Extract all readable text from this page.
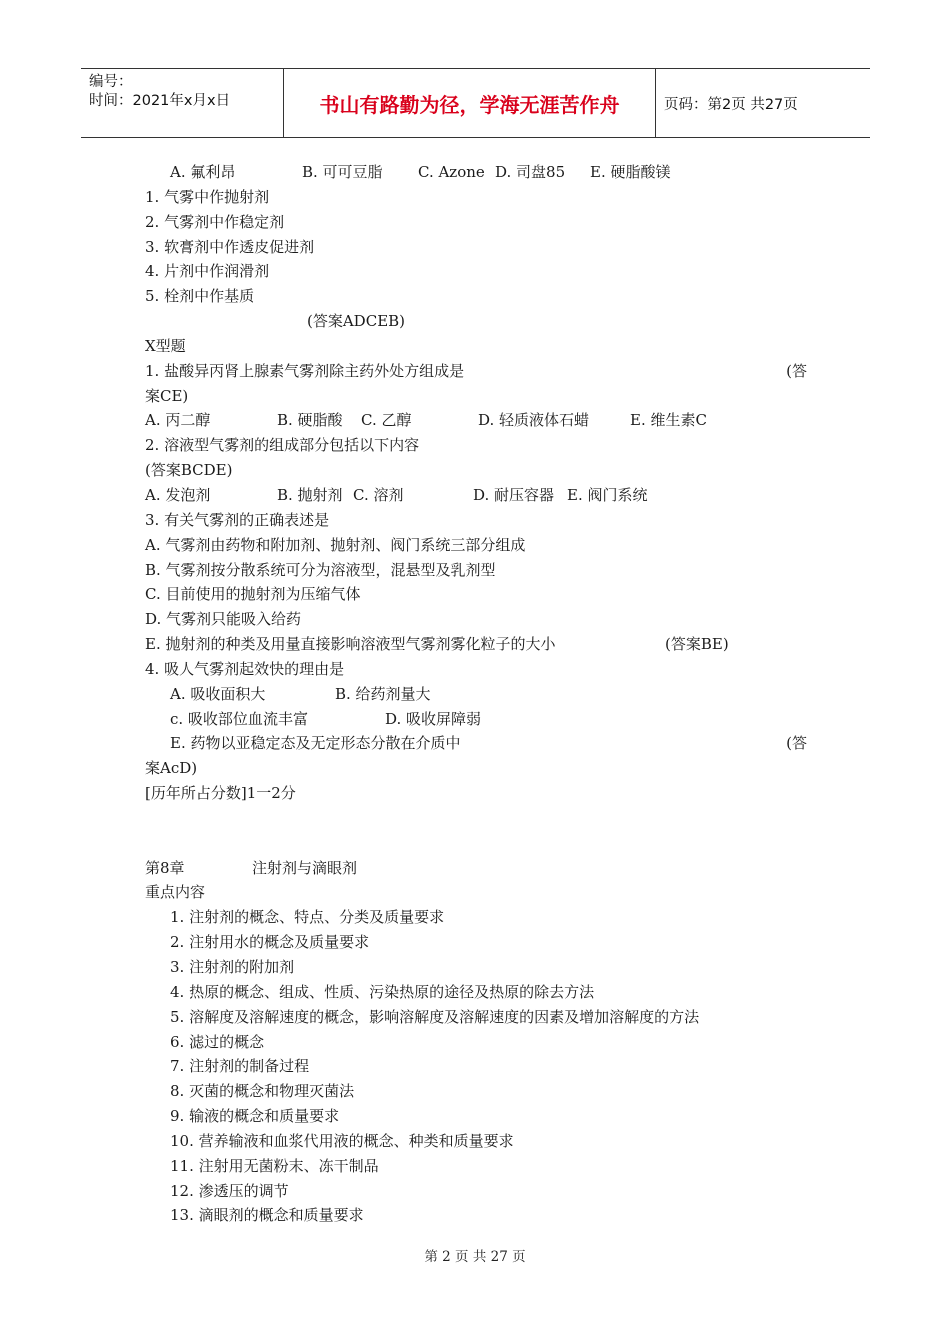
编号：
时间：2021年x月x日	书山有路勤为径，学海无涯苦作舟	页码：第2页 共27页
A. 氟利昂	B. 可可豆脂 C. Azone D. 司盘85 E. 硬脂酸镁
1. 气雾中作抛射剂
2. 气雾剂中作稳定剂
3. 软膏剂中作透皮促进剂
4. 片剂中作润滑剂
5. 栓剂中作基质
(答案ADCEB)
X型题
1. 盐酸异丙肾上腺素气雾剂除主药外处方组成是	(答
案CE)
A. 丙二醇	B. 硬脂酸 C. 乙醇	D. 轻质液体石蜡	E. 维生素C
2. 溶液型气雾剂的组成部分包括以下内容
(答案BCDE)
A. 发泡剂	B. 抛射剂 C. 溶剂	D. 耐压容器 E. 阀门系统
3. 有关气雾剂的正确表述是
A. 气雾剂由药物和附加剂、抛射剂、阀门系统三部分组成
B. 气雾剂按分散系统可分为溶液型，混悬型及乳剂型
C. 目前使用的抛射剂为压缩气体
D. 气雾剂只能吸入给药
E. 抛射剂的种类及用量直接影响溶液型气雾剂雾化粒子的大小	(答案BE)
4. 吸人气雾剂起效快的理由是
A. 吸收面积大	B. 给药剂量大
c. 吸收部位血流丰富	D. 吸收屏障弱
E. 药物以亚稳定态及无定形态分散在介质中	(答
案AcD)
[历年所占分数]1一2分
第8章	注射剂与滴眼剂
重点内容
1. 注射剂的概念、特点、分类及质量要求
2. 注射用水的概念及质量要求
3. 注射剂的附加剂
4. 热原的概念、组成、性质、污染热原的途径及热原的除去方法
5. 溶解度及溶解速度的概念，影响溶解度及溶解速度的因素及增加溶解度的方法
6. 滤过的概念
7. 注射剂的制备过程
8. 灭菌的概念和物理灭菌法
9. 输液的概念和质量要求
10. 营养输液和血浆代用液的概念、种类和质量要求
11. 注射用无菌粉末、冻干制品
12. 渗透压的调节
13. 滴眼剂的概念和质量要求
第 2 页 共 27 页
